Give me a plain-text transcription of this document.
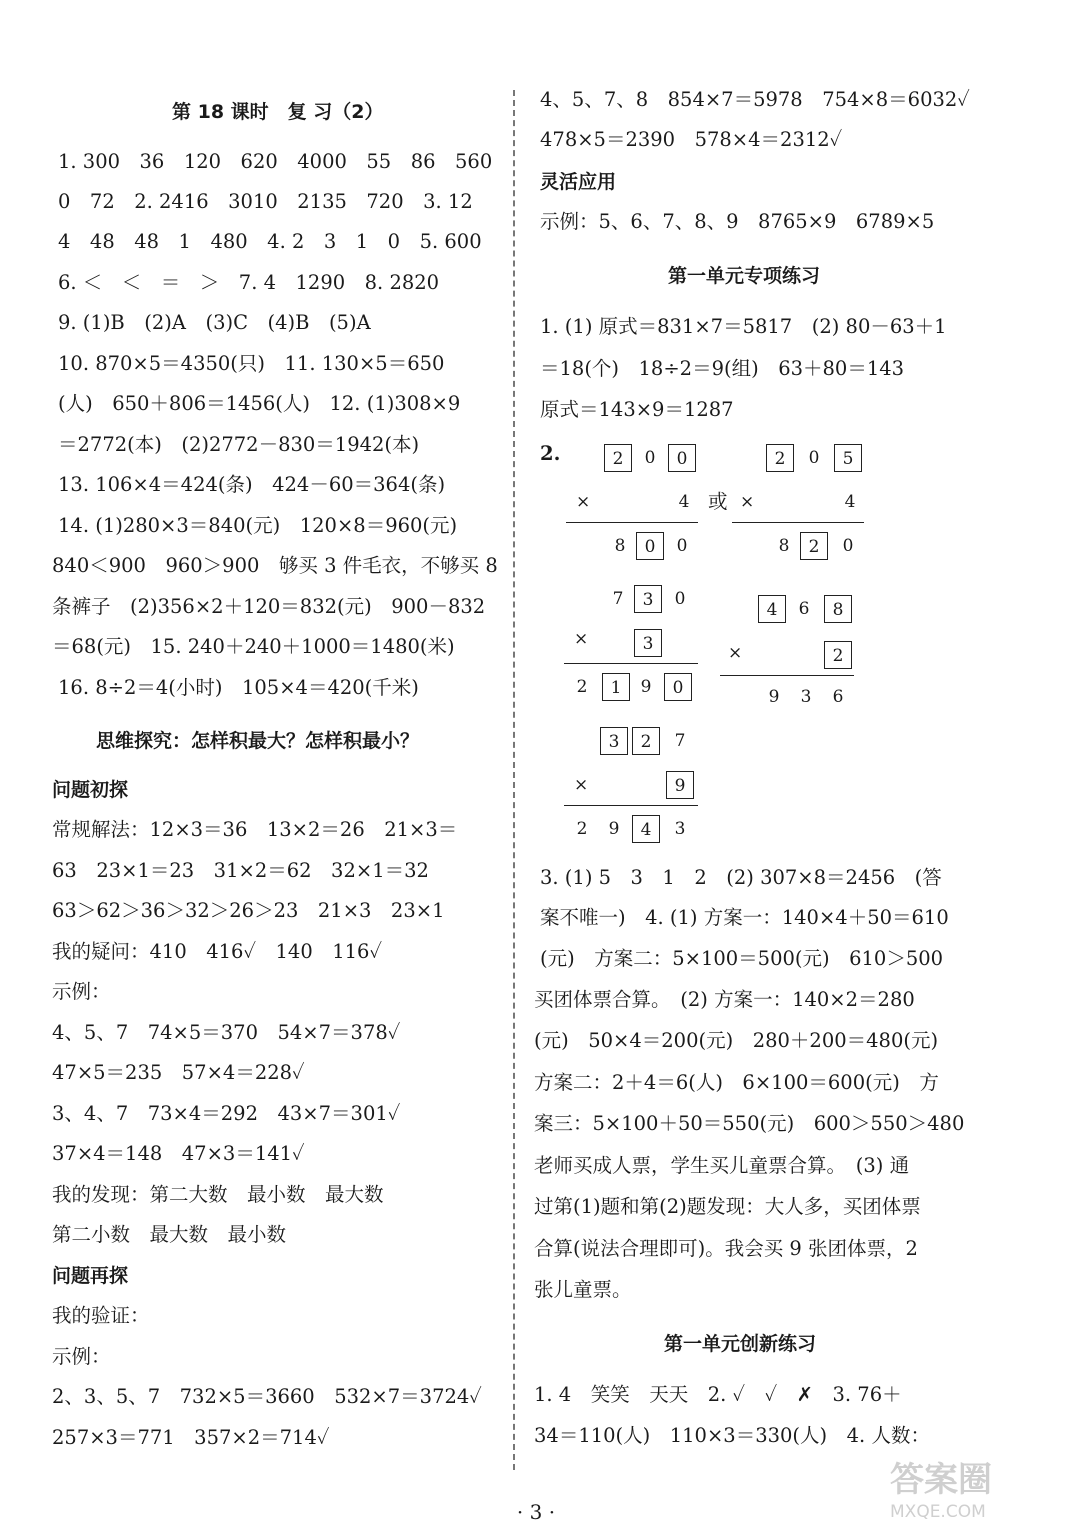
第 18 课时　复 习（2）
1. 300　36　120　620　4000　55　86　560
0　72　2. 2416　3010　2135　720　3. 12
4　48　48　1　480　4. 2　3　1　0　5. 600
6. ＜　＜　＝　＞　7. 4　1290　8. 2820
9. (1)B　(2)A　(3)C　(4)B　(5)A
10. 870×5＝4350(只)　11. 130×5＝650
(人)　650＋806＝1456(人)　12. (1)308×9
＝2772(本)　(2)2772－830＝1942(本)
13. 106×4＝424(条)　424－60＝364(条)
14. (1)280×3＝840(元)　120×8＝960(元)
840＜900　960＞900　够买 3 件毛衣，不够买 8
条裤子　(2)356×2＋120＝832(元)　900－832
＝68(元)　15. 240＋240＋1000＝1480(米)
16. 8÷2＝4(小时)　105×4＝420(千米)
思维探究：怎样积最大？怎样积最小？
问题初探
常规解法：12×3＝36　13×2＝26　21×3＝
63　23×1＝23　31×2＝62　32×1＝32
63＞62＞36＞32＞26＞23　21×3　23×1
我的疑问：410　416✓　140　116✓
示例：
4、5、7　74×5＝370　54×7＝378✓
47×5＝235　57×4＝228✓
3、4、7　73×4＝292　43×7＝301✓
37×4＝148　47×3＝141✓
我的发现：第二大数　最小数　最大数
第二小数　最大数　最小数
问题再探
我的验证：
示例：
2、3、5、7　732×5＝3660　532×7＝3724✓
257×3＝771　357×2＝714✓
4、5、7、8　854×7＝5978　754×8＝6032✓
478×5＝2390　578×4＝2312✓
灵活应用
示例：5、6、7、8、9　8765×9　6789×5
第一单元专项练习
1. (1) 原式＝831×7＝5817　(2) 80－63＋1
＝18(个)　18÷2＝9(组)　63＋80＝143
原式＝143×9＝1287
2.	2	0	0
×	4
8	0	0
或
2	0	5
×	4
8	2	0
7	3	0
×	3
2	1	9	0
4	6	8
×	2
9	3	6
3	2	7
×	9
2	9	4	3
3. (1) 5　3　1　2　(2) 307×8＝2456　(答
案不唯一)　4. (1) 方案一：140×4＋50＝610
(元)　方案二：5×100＝500(元)　610＞500
买团体票合算。　(2) 方案一：140×2＝280
(元)　50×4＝200(元)　280＋200＝480(元)
方案二：2＋4＝6(人)　6×100＝600(元)　方
案三：5×100＋50＝550(元)　600＞550＞480
老师买成人票，学生买儿童票合算。　(3) 通
过第(1)题和第(2)题发现：大人多，买团体票
合算(说法合理即可)。我会买 9 张团体票，2
张儿童票。
第一单元创新练习
1. 4　笑笑　天天　2. ✓　✓　✗　3. 76＋
34＝110(人)　110×3＝330(人)　4. 人数：
· 3 ·
答案圈
MXQE.COM
